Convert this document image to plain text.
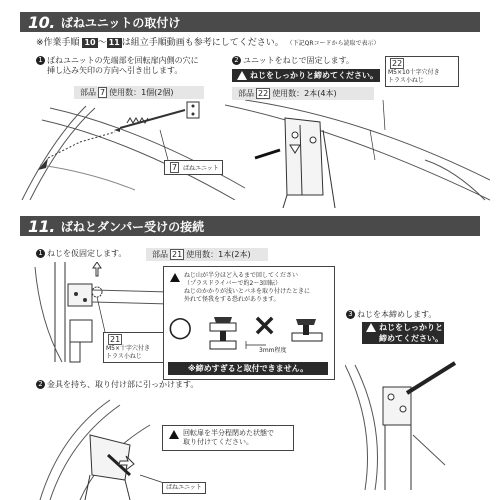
10. ばねユニットの取付け
※作業手順 10 〜 11 は組立手順動画も参考にしてください。 （下記QRコードから読取で表示）
1 ばねユニットの先端部を回転扉内側の穴に
挿し込み矢印の方向へ引き出します。
部品 7 使用数：1個(2個)
7 ばねユニット
2 ユニットをねじで固定します。
ねじをしっかりと締めてください。
部品 22 使用数：2本(4本)
22
M5×10十字穴付き
トラス小ねじ
11. ばねとダンパー受けの接続
1 ねじを仮固定します。	部品 21 使用数：1本(2本)
21
M5×十字穴付き
トラス小ねじ
ねじ山が半分ほど入るまで回してください
（プラスドライバーで約2〜3回転）
ねじのかかりが浅いとバネを取り付けたときに
外れて怪我をする恐れがあります。
○ ×
3mm程度
※締めすぎると取付できません。
3 ねじを本締めします。
ねじをしっかりと
締めてください。
2 金具を持ち、取り付け部に引っかけます。
回転扉を半分程閉めた状態で
取り付けてください。
ばねユニット
